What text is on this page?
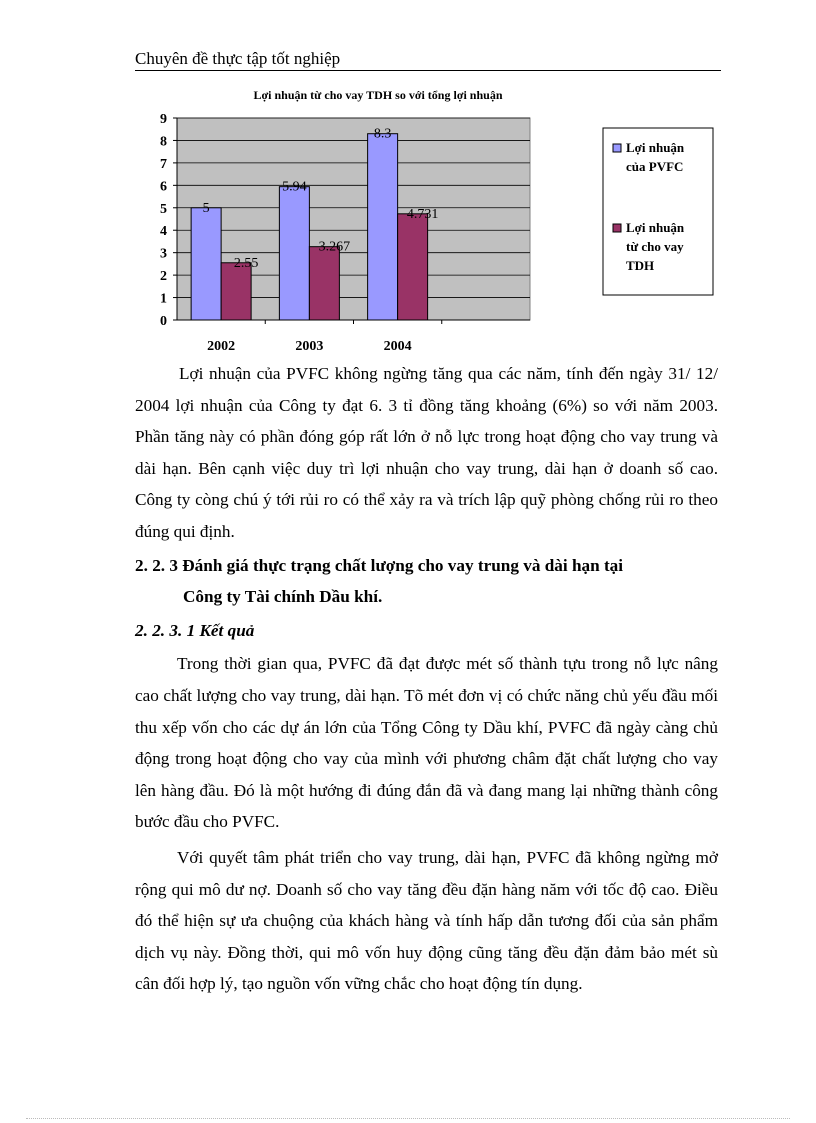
Chuyên đề thực tập tốt nghiệp
Lợi nhuận từ cho vay TDH so với tổng lợi nhuận
0
1
2
3
4
5
6
7
8
9
5
2.55
2002
5.94
3.267
2003
8.3
4.731
2004
Lợi nhuận
của PVFC
Lợi nhuận
từ cho vay
TDH

Lợi nhuận của PVFC không ngừng tăng qua các năm, tính đến ngày 31/ 12/ 2004 lợi nhuận của Công ty đạt 6. 3 tỉ đồng tăng khoảng (6%) so với năm 2003. Phần tăng này có phần đóng góp rất lớn ở nỗ lực trong hoạt động cho vay trung và dài hạn. Bên cạnh việc duy trì lợi nhuận cho vay trung, dài hạn ở doanh số cao. Công ty còng chú ý tới rủi ro có thể xảy ra và trích lập quỹ phòng chống rủi ro theo đúng qui định.

2. 2. 3 Đánh giá thực trạng chất lượng cho vay trung và dài hạn tại
Công ty Tài chính Dầu khí.

2. 2. 3. 1 Kết quả

Trong thời gian qua, PVFC đã đạt được mét số thành tựu trong nỗ lực nâng cao chất lượng cho vay trung, dài hạn. Tõ mét đơn vị có chức năng chủ yếu đầu mối thu xếp vốn cho các dự án lớn của Tổng Công ty Dầu khí, PVFC đã ngày càng chủ động trong hoạt động cho vay của mình với phương châm đặt chất lượng cho vay lên hàng đầu. Đó là một hướng đi đúng đắn đã và đang mang lại những thành công bước đầu cho PVFC.

Với quyết tâm phát triển cho vay trung, dài hạn, PVFC đã không ngừng mở rộng qui mô dư nợ. Doanh số cho vay tăng đều đặn hàng năm với tốc độ cao. Điều đó thể hiện sự ưa chuộng của khách hàng và tính hấp dẫn tương đối của sản phẩm dịch vụ này. Đồng thời, qui mô vốn huy động cũng tăng đều đặn đảm bảo mét sù cân đối hợp lý, tạo nguồn vốn vững chắc cho hoạt động tín dụng.
